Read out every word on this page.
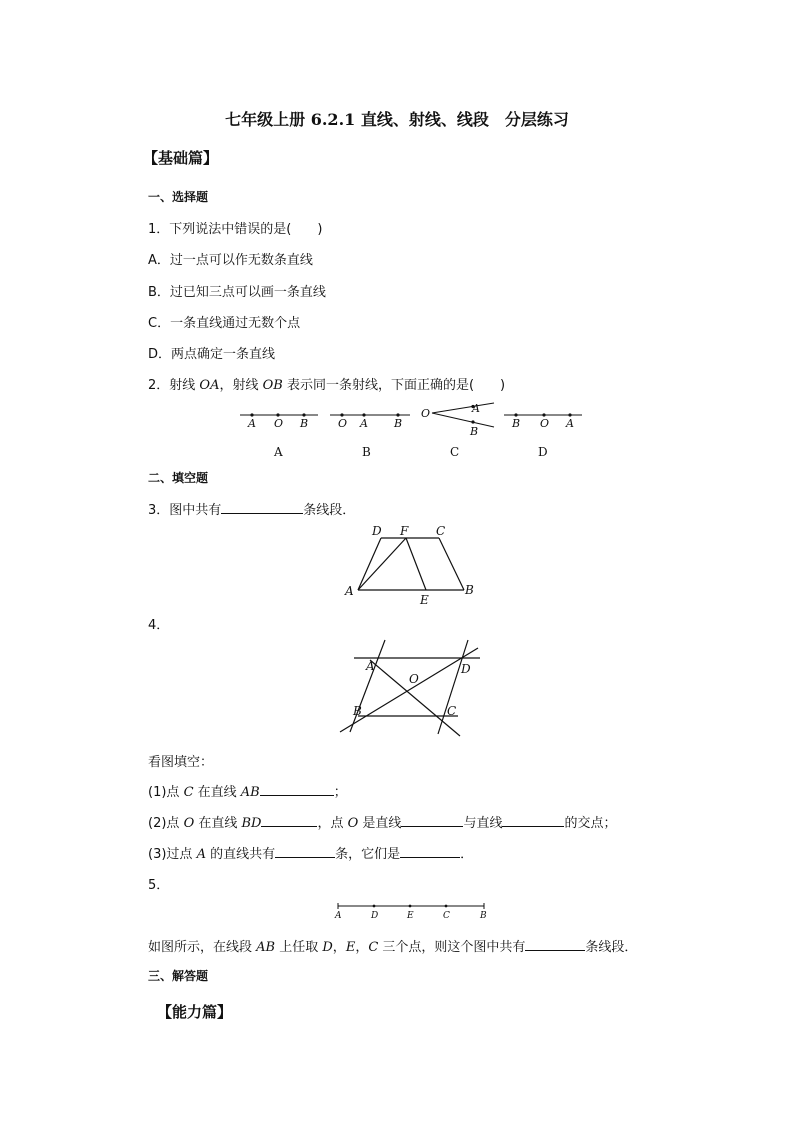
七年级上册 6.2.1 直线、射线、线段　分层练习
【基础篇】
一、选择题
1．下列说法中错误的是(　　)
A．过一点可以作无数条直线
B．过已知三点可以画一条直线
C．一条直线通过无数个点
D．两点确定一条直线
2．射线 OA，射线 OB 表示同一条射线，下面正确的是(　　)
A O B	O A B
O	A
B
B O A
A	B	C	D
二、填空题
3．图中共有	条线段．
D F C
A
E
B
4．
A	D
O
B	C
看图填空：
(1)点 C 在直线 AB	；
(2)点 O 在直线 BD	，点 O 是直线	与直线	的交点；
(3)过点 A 的直线共有	条，它们是	．
5．
A	D	E	C	B
如图所示，在线段 AB 上任取 D，E，C 三个点，则这个图中共有	条线段．
三、解答题
【能力篇】
